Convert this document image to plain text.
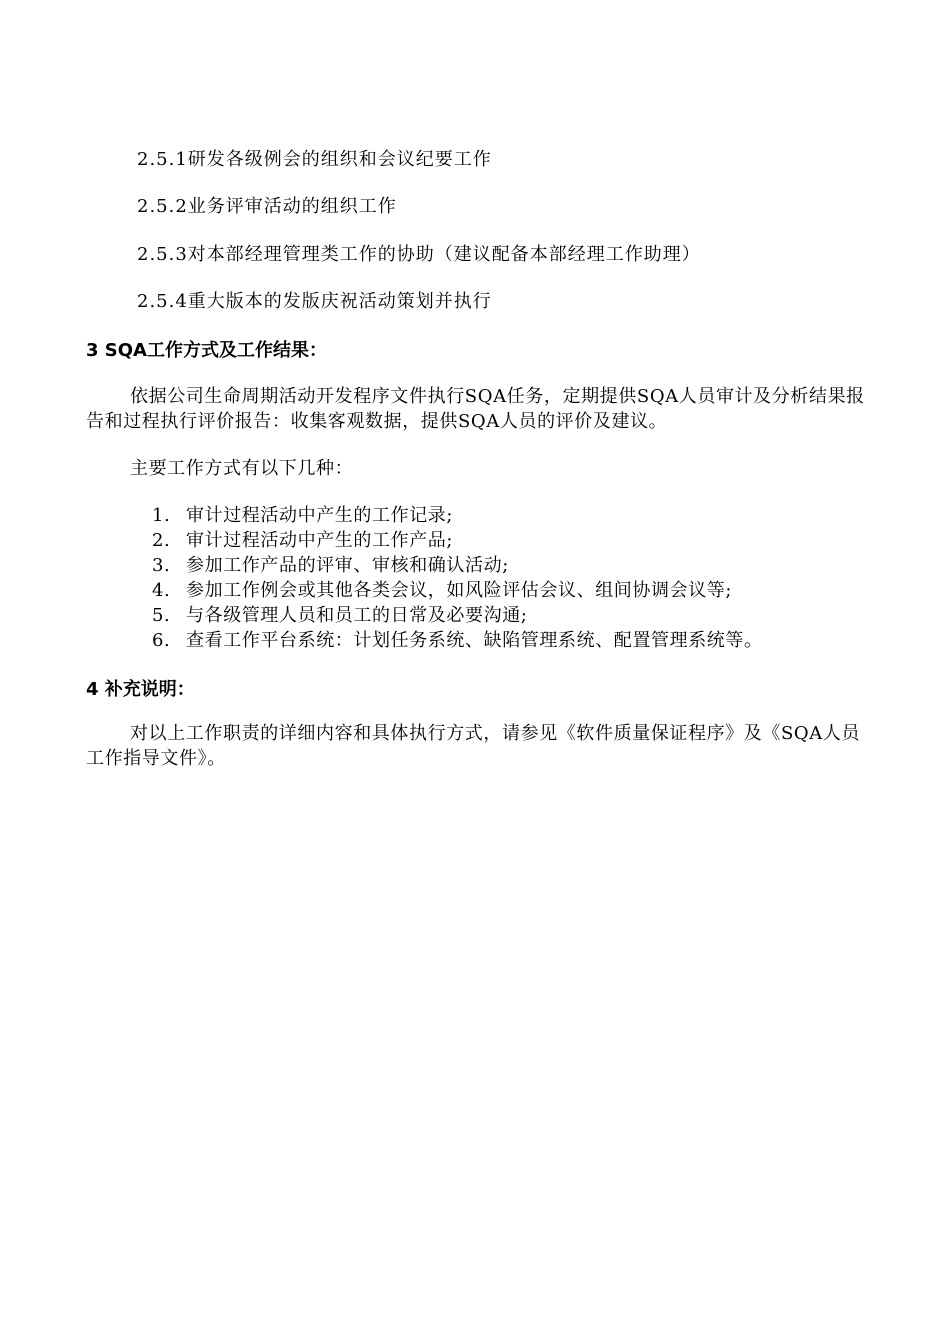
2.5.1研发各级例会的组织和会议纪要工作
2.5.2业务评审活动的组织工作
2.5.3对本部经理管理类工作的协助（建议配备本部经理工作助理）
2.5.4重大版本的发版庆祝活动策划并执行
3 SQA工作方式及工作结果：
依据公司生命周期活动开发程序文件执行SQA任务，定期提供SQA人员审计及分析结果报告和过程执行评价报告：收集客观数据，提供SQA人员的评价及建议。
主要工作方式有以下几种：
1. 审计过程活动中产生的工作记录;
2. 审计过程活动中产生的工作产品;
3. 参加工作产品的评审、审核和确认活动;
4. 参加工作例会或其他各类会议，如风险评估会议、组间协调会议等;
5. 与各级管理人员和员工的日常及必要沟通;
6. 查看工作平台系统：计划任务系统、缺陷管理系统、配置管理系统等。
4 补充说明：
对以上工作职责的详细内容和具体执行方式，请参见《软件质量保证程序》及《SQA人员工作指导文件》。
